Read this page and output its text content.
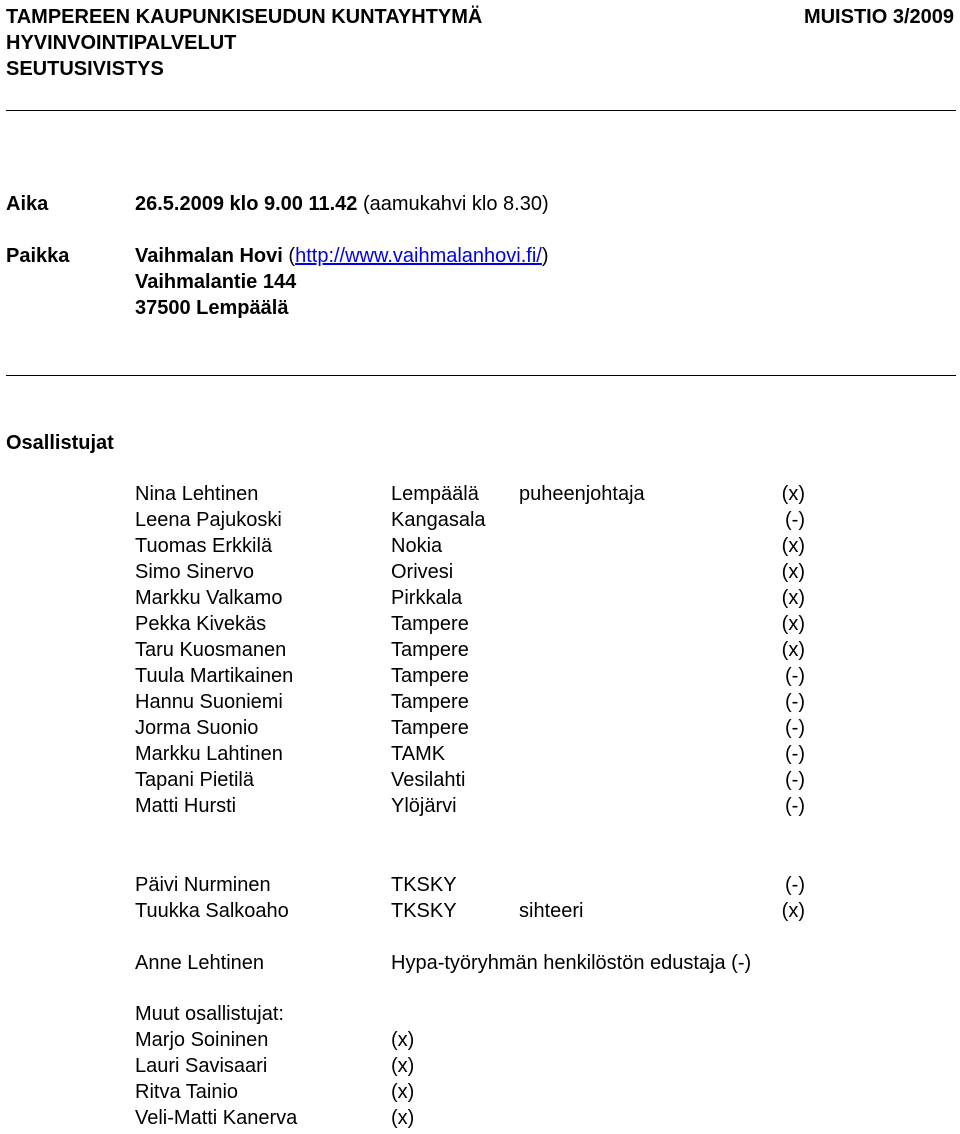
TAMPEREEN KAUPUNKISEUDUN KUNTAYHTYMÄ
HYVINVOINTIPALVELUT
SEUTUSIVISTYS
MUISTIO 3/2009
Aika	26.5.2009 klo 9.00 11.42 (aamukahvi klo 8.30)
Paikka	Vaihmalan Hovi (http://www.vaihmalanhovi.fi/)
Vaihmalantie 144
37500 Lempäälä
Osallistujat
Nina Lehtinen	Lempäälä puheenjohtaja	(x)
Leena Pajukoski	Kangasala	(-)
Tuomas Erkkilä	Nokia	(x)
Simo Sinervo	Orivesi	(x)
Markku Valkamo	Pirkkala	(x)
Pekka Kivekäs	Tampere	(x)
Taru Kuosmanen	Tampere	(x)
Tuula Martikainen	Tampere	(-)
Hannu Suoniemi	Tampere	(-)
Jorma Suonio	Tampere	(-)
Markku Lahtinen	TAMK	(-)
Tapani Pietilä	Vesilahti	(-)
Matti Hursti	Ylöjärvi	(-)
Päivi Nurminen	TKSKY	(-)
Tuukka Salkoaho	TKSKY	sihteeri	(x)
Anne Lehtinen	Hypa-työryhmän henkilöstön edustaja (-)
Muut osallistujat:
Marjo Soininen	(x)
Lauri Savisaari	(x)
Ritva Tainio	(x)
Veli-Matti Kanerva	(x)
